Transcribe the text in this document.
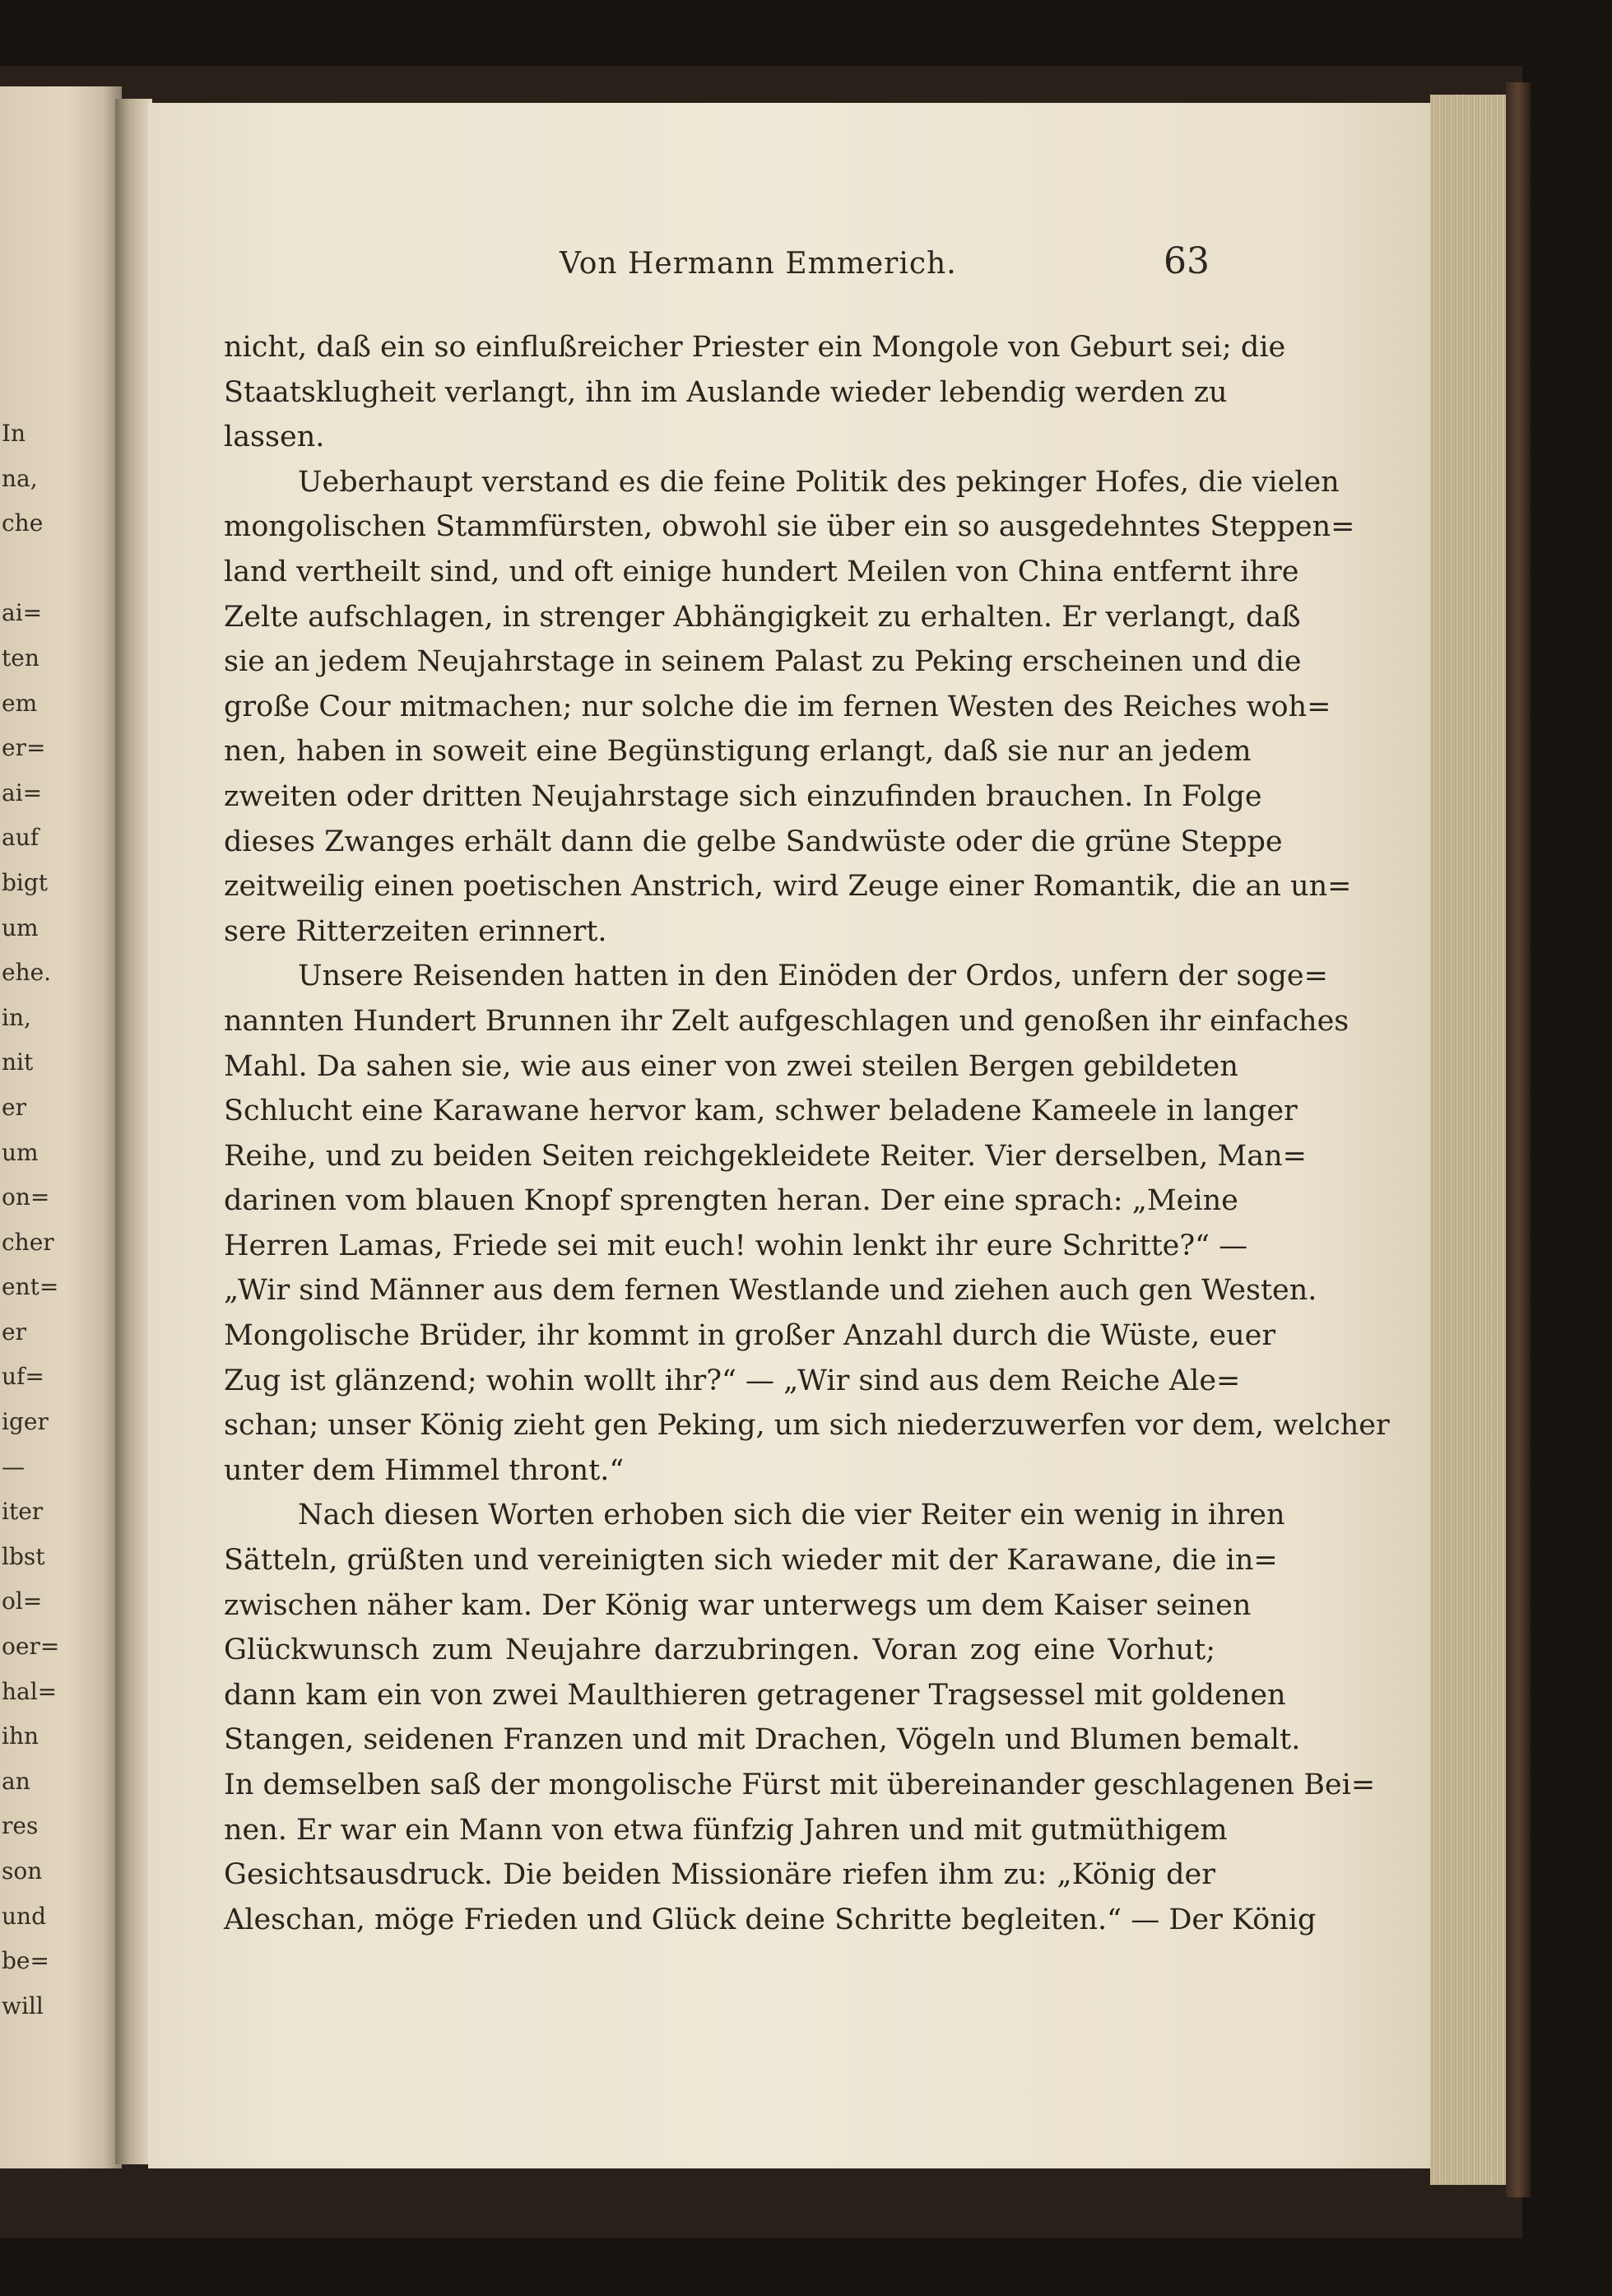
In
na,
che
ai=
ten
em
er=
ai=
auf
bigt
um
ehe.
in,
nit
er
um
on=
cher
ent=
er
uf=
iger
—
iter
lbst
ol=
oer=
hal=
ihn
an
res
son
und
be=
will
Von Hermann Emmerich.	63
nicht, daß ein so einflußreicher Priester ein Mongole von Geburt sei; die
Staatsklugheit verlangt, ihn im Auslande wieder lebendig werden zu
lassen.
Ueberhaupt verstand es die feine Politik des pekinger Hofes, die vielen
mongolischen Stammfürsten, obwohl sie über ein so ausgedehntes Steppen=
land vertheilt sind, und oft einige hundert Meilen von China entfernt ihre
Zelte aufschlagen, in strenger Abhängigkeit zu erhalten. Er verlangt, daß
sie an jedem Neujahrstage in seinem Palast zu Peking erscheinen und die
große Cour mitmachen; nur solche die im fernen Westen des Reiches woh=
nen, haben in soweit eine Begünstigung erlangt, daß sie nur an jedem
zweiten oder dritten Neujahrstage sich einzufinden brauchen. In Folge
dieses Zwanges erhält dann die gelbe Sandwüste oder die grüne Steppe
zeitweilig einen poetischen Anstrich, wird Zeuge einer Romantik, die an un=
sere Ritterzeiten erinnert.
Unsere Reisenden hatten in den Einöden der Ordos, unfern der soge=
nannten Hundert Brunnen ihr Zelt aufgeschlagen und genoßen ihr einfaches
Mahl. Da sahen sie, wie aus einer von zwei steilen Bergen gebildeten
Schlucht eine Karawane hervor kam, schwer beladene Kameele in langer
Reihe, und zu beiden Seiten reichgekleidete Reiter. Vier derselben, Man=
darinen vom blauen Knopf sprengten heran. Der eine sprach: „Meine
Herren Lamas, Friede sei mit euch! wohin lenkt ihr eure Schritte?“ —
„Wir sind Männer aus dem fernen Westlande und ziehen auch gen Westen.
Mongolische Brüder, ihr kommt in großer Anzahl durch die Wüste, euer
Zug ist glänzend; wohin wollt ihr?“ — „Wir sind aus dem Reiche Ale=
schan; unser König zieht gen Peking, um sich niederzuwerfen vor dem, welcher
unter dem Himmel thront.“
Nach diesen Worten erhoben sich die vier Reiter ein wenig in ihren
Sätteln, grüßten und vereinigten sich wieder mit der Karawane, die in=
zwischen näher kam. Der König war unterwegs um dem Kaiser seinen
Glückwunsch zum Neujahre darzubringen. Voran zog eine Vorhut;
dann kam ein von zwei Maulthieren getragener Tragsessel mit goldenen
Stangen, seidenen Franzen und mit Drachen, Vögeln und Blumen bemalt.
In demselben saß der mongolische Fürst mit übereinander geschlagenen Bei=
nen. Er war ein Mann von etwa fünfzig Jahren und mit gutmüthigem
Gesichtsausdruck. Die beiden Missionäre riefen ihm zu: „König der
Aleschan, möge Frieden und Glück deine Schritte begleiten.“ — Der König
